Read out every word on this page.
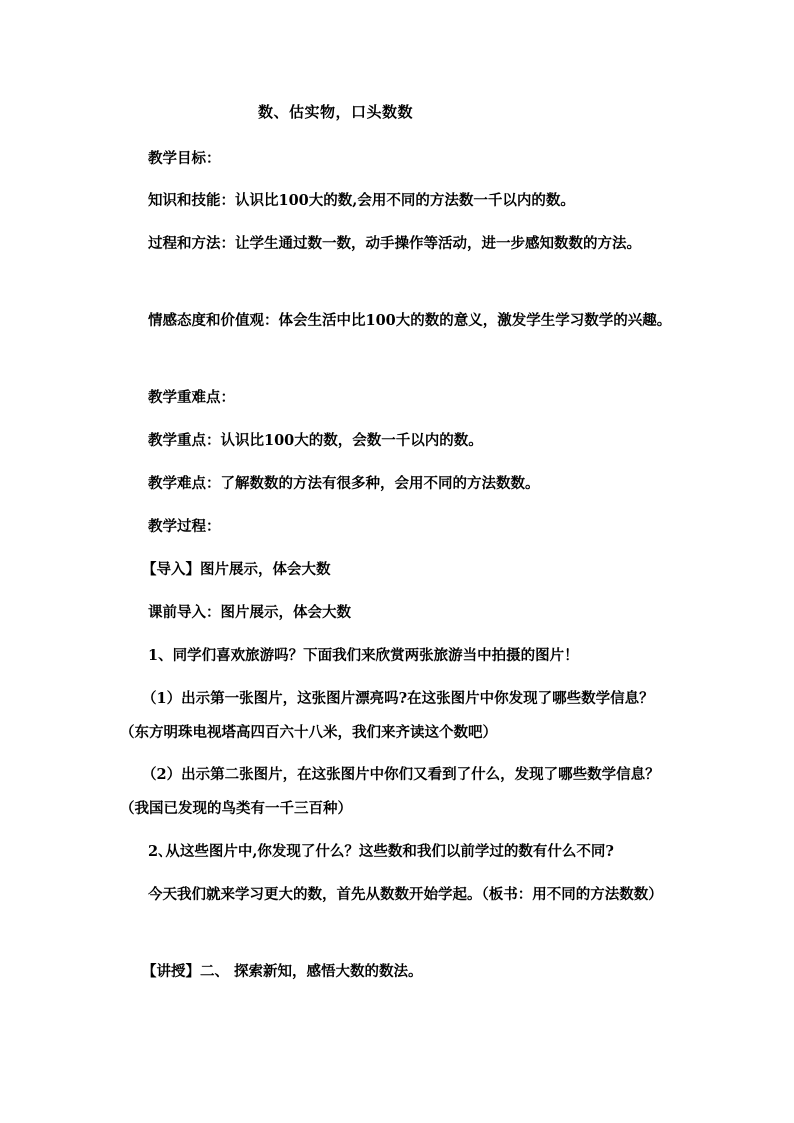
数、估实物，口头数数

教学目标：

知识和技能：认识比100大的数,会用不同的方法数一千以内的数。

过程和方法：让学生通过数一数，动手操作等活动，进一步感知数数的方法。

情感态度和价值观：体会生活中比100大的数的意义，激发学生学习数学的兴趣。

教学重难点：

教学重点：认识比100大的数，会数一千以内的数。

教学难点：了解数数的方法有很多种，会用不同的方法数数。

教学过程：

【导入】图片展示，体会大数

课前导入：图片展示，体会大数

1、同学们喜欢旅游吗？下面我们来欣赏两张旅游当中拍摄的图片！

（1）出示第一张图片，这张图片漂亮吗?在这张图片中你发现了哪些数学信息？（东方明珠电视塔高四百六十八米，我们来齐读这个数吧）

（2）出示第二张图片，在这张图片中你们又看到了什么，发现了哪些数学信息？（我国已发现的鸟类有一千三百种）

2､从这些图片中,你发现了什么？这些数和我们以前学过的数有什么不同?

今天我们就来学习更大的数，首先从数数开始学起。（板书：用不同的方法数数）

【讲授】二、 探索新知，感悟大数的数法。
